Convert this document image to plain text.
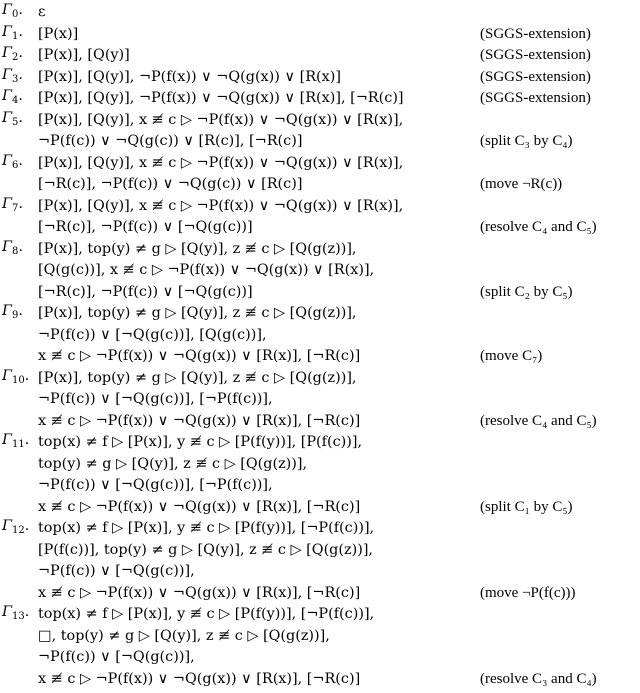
$\Gamma_0$.	ε
$\Gamma_1$.	[P(x)]	(SGGS-extension)
$\Gamma_2$.	[P(x)], [Q(y)]	(SGGS-extension)
$\Gamma_3$.	[P(x)], [Q(y)], ¬P(f(x)) ∨ ¬Q(g(x)) ∨ [R(x)]	(SGGS-extension)
$\Gamma_4$.	[P(x)], [Q(y)], ¬P(f(x)) ∨ ¬Q(g(x)) ∨ [R(x)], [¬R(c)]	(SGGS-extension)
$\Gamma_5$.	[P(x)], [Q(y)], x ≢ c ▷ ¬P(f(x)) ∨ ¬Q(g(x)) ∨ [R(x)],
¬P(f(c)) ∨ ¬Q(g(c)) ∨ [R(c)], [¬R(c)]	(split C₃ by C₄)
$\Gamma_6$.	[P(x)], [Q(y)], x ≢ c ▷ ¬P(f(x)) ∨ ¬Q(g(x)) ∨ [R(x)],
[¬R(c)], ¬P(f(c)) ∨ ¬Q(g(c)) ∨ [R(c)]	(move ¬R(c))
$\Gamma_7$.	[P(x)], [Q(y)], x ≢ c ▷ ¬P(f(x)) ∨ ¬Q(g(x)) ∨ [R(x)],
[¬R(c)], ¬P(f(c)) ∨ [¬Q(g(c))]	(resolve C₄ and C₅)
$\Gamma_8$.	[P(x)], top(y) ≠ g ▷ [Q(y)], z ≢ c ▷ [Q(g(z))],
[Q(g(c))], x ≢ c ▷ ¬P(f(x)) ∨ ¬Q(g(x)) ∨ [R(x)],
[¬R(c)], ¬P(f(c)) ∨ [¬Q(g(c))]	(split C₂ by C₅)
$\Gamma_9$.	[P(x)], top(y) ≠ g ▷ [Q(y)], z ≢ c ▷ [Q(g(z))],
¬P(f(c)) ∨ [¬Q(g(c))], [Q(g(c))],
x ≢ c ▷ ¬P(f(x)) ∨ ¬Q(g(x)) ∨ [R(x)], [¬R(c)]	(move C₇)
$\Gamma_{10}$. [P(x)], top(y) ≠ g ▷ [Q(y)], z ≢ c ▷ [Q(g(z))],
¬P(f(c)) ∨ [¬Q(g(c))], [¬P(f(c))],
x ≢ c ▷ ¬P(f(x)) ∨ ¬Q(g(x)) ∨ [R(x)], [¬R(c)]	(resolve C₄ and C₅)
$\Gamma_{11}$. top(x) ≠ f ▷ [P(x)], y ≢ c ▷ [P(f(y))], [P(f(c))],
top(y) ≠ g ▷ [Q(y)], z ≢ c ▷ [Q(g(z))],
¬P(f(c)) ∨ [¬Q(g(c))], [¬P(f(c))],
x ≢ c ▷ ¬P(f(x)) ∨ ¬Q(g(x)) ∨ [R(x)], [¬R(c)]	(split C₁ by C₅)
$\Gamma_{12}$. top(x) ≠ f ▷ [P(x)], y ≢ c ▷ [P(f(y))], [¬P(f(c))],
[P(f(c))], top(y) ≠ g ▷ [Q(y)], z ≢ c ▷ [Q(g(z))],
¬P(f(c)) ∨ [¬Q(g(c))],
x ≢ c ▷ ¬P(f(x)) ∨ ¬Q(g(x)) ∨ [R(x)], [¬R(c)]	(move ¬P(f(c)))
$\Gamma_{13}$. top(x) ≠ f ▷ [P(x)], y ≢ c ▷ [P(f(y))], [¬P(f(c))],
□, top(y) ≠ g ▷ [Q(y)], z ≢ c ▷ [Q(g(z))],
¬P(f(c)) ∨ [¬Q(g(c))],
x ≢ c ▷ ¬P(f(x)) ∨ ¬Q(g(x)) ∨ [R(x)], [¬R(c)]	(resolve C₃ and C₄)
